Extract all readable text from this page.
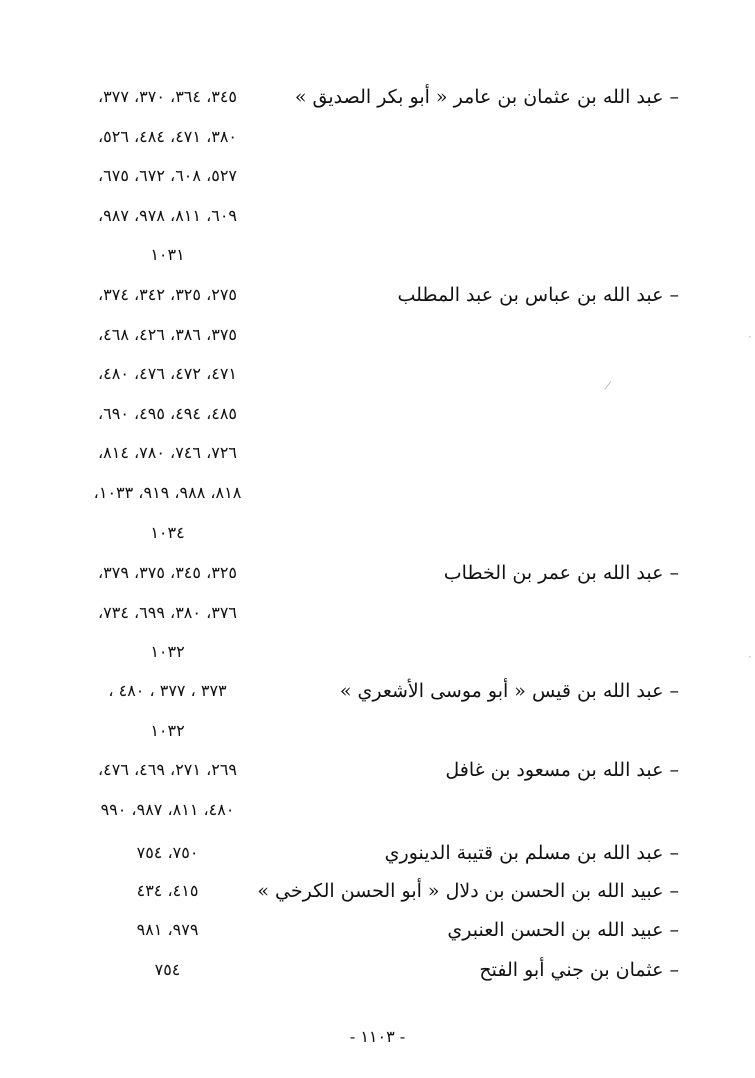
– عبد الله بن عثمان بن عامر « أبو بكر الصديق »
٣٤٥، ٣٦٤، ٣٧٠، ٣٧٧،
٣٨٠، ٤٧١، ٤٨٤، ٥٢٦،
٥٢٧، ٦٠٨، ٦٧٢، ٦٧٥،
٦٠٩، ٨١١، ٩٧٨، ٩٨٧،
١٠٣١
– عبد الله بن عباس بن عبد المطلب
٢٧٥، ٣٢٥، ٣٤٢، ٣٧٤،
٣٧٥، ٣٨٦، ٤٢٦، ٤٦٨،
٤٧١، ٤٧٢، ٤٧٦، ٤٨٠،
٤٨٥، ٤٩٤، ٤٩٥، ٦٩٠،
٧٢٦، ٧٤٦، ٧٨٠، ٨١٤،
٨١٨، ٩٨٨، ٩١٩، ١٠٣٣،
١٠٣٤
– عبد الله بن عمر بن الخطاب
٣٢٥، ٣٤٥، ٣٧٥، ٣٧٩،
٣٧٦، ٣٨٠، ٦٩٩، ٧٣٤،
١٠٣٢
– عبد الله بن قيس « أبو موسى الأشعري »
٣٧٣ ، ٣٧٧ ، ٤٨٠ ،
١٠٣٢
– عبد الله بن مسعود بن غافل
٢٦٩، ٢٧١، ٤٦٩، ٤٧٦،
٤٨٠، ٨١١، ٩٨٧، ٩٩٠
– عبد الله بن مسلم بن قتيبة الدينوري
٧٥٠، ٧٥٤
– عبيد الله بن الحسن بن دلال « أبو الحسن الكرخي »
٤١٥، ٤٣٤
– عبيد الله بن الحسن العنبري
٩٧٩، ٩٨١
– عثمان بن جني أبو الفتح
٧٥٤
- ١١٠٣ -
/
·
·
